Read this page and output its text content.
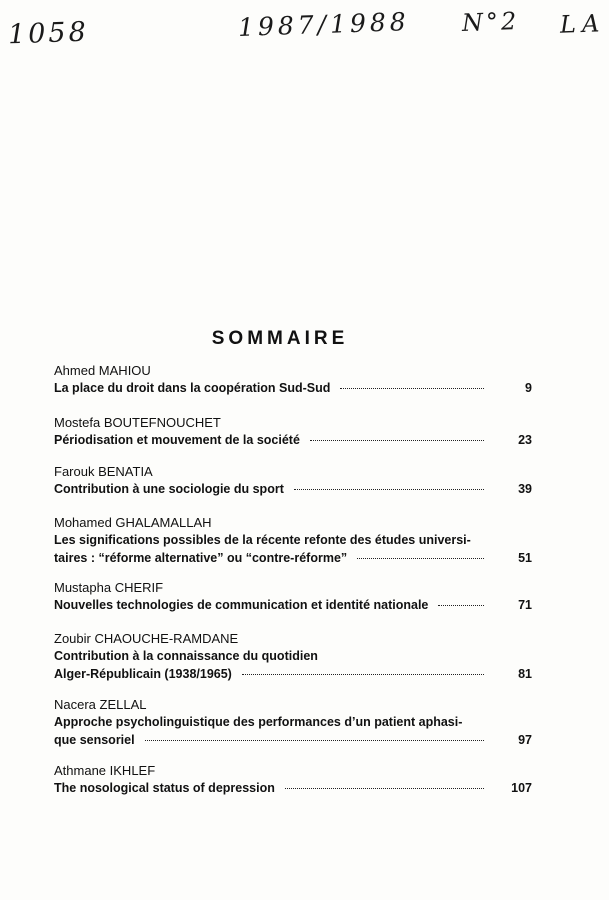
1058	1987/1988 N°2 LA
SOMMAIRE
Ahmed MAHIOU
La place du droit dans la coopération Sud-Sud	9
Mostefa BOUTEFNOUCHET
Périodisation et mouvement de la société	23
Farouk BENATIA
Contribution à une sociologie du sport	39
Mohamed GHALAMALLAH
Les significations possibles de la récente refonte des études universi-
taires : “réforme alternative” ou “contre-réforme”	51
Mustapha CHERIF
Nouvelles technologies de communication et identité nationale	71
Zoubir CHAOUCHE-RAMDANE
Contribution à la connaissance du quotidien
Alger-Républicain (1938/1965)	81
Nacera ZELLAL
Approche psycholinguistique des performances d’un patient aphasi-
que sensoriel	97
Athmane IKHLEF
The nosological status of depression	107
